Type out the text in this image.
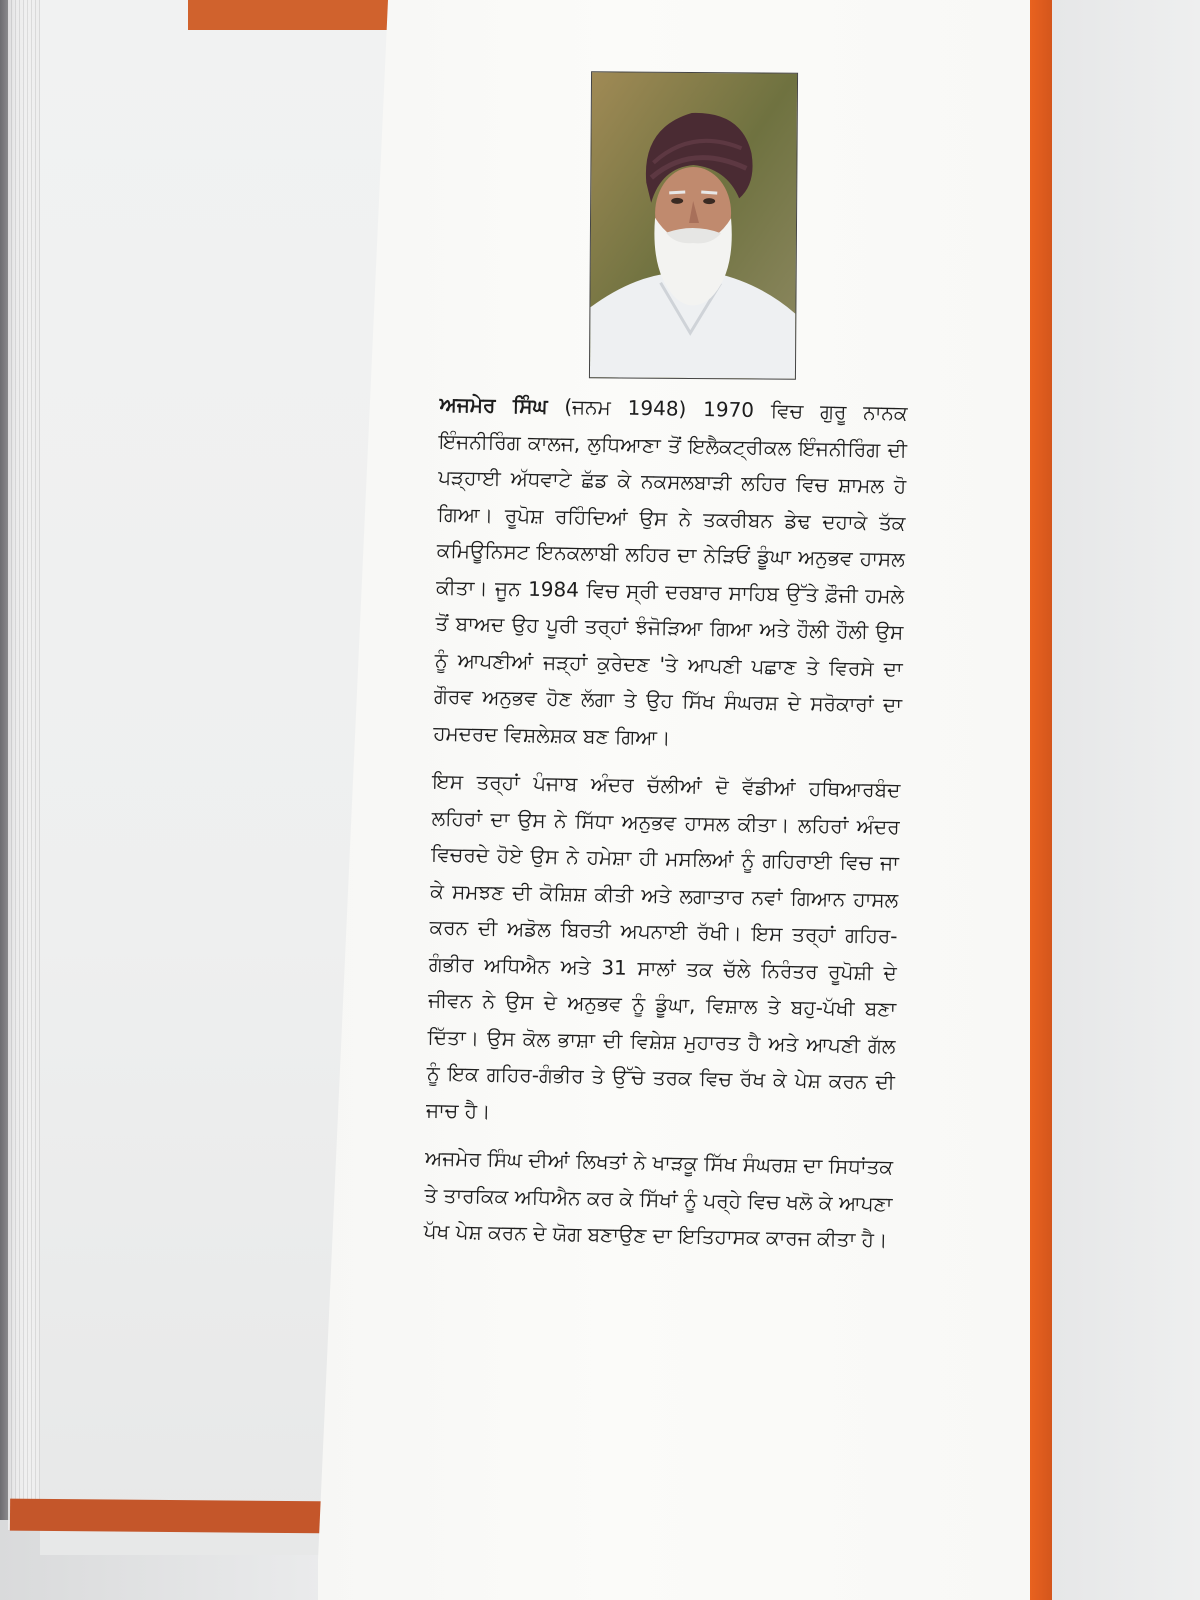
ਅਜਮੇਰ ਸਿੰਘ (ਜਨਮ 1948) 1970 ਵਿਚ ਗੁਰੂ ਨਾਨਕ ਇੰਜਨੀਰਿੰਗ ਕਾਲਜ, ਲੁਧਿਆਣਾ ਤੋਂ ਇਲੈਕਟ੍ਰੀਕਲ ਇੰਜਨੀਰਿੰਗ ਦੀ ਪੜ੍ਹਾਈ ਅੱਧਵਾਟੇ ਛੱਡ ਕੇ ਨਕਸਲਬਾੜੀ ਲਹਿਰ ਵਿਚ ਸ਼ਾਮਲ ਹੋ ਗਿਆ। ਰੂਪੋਸ਼ ਰਹਿੰਦਿਆਂ ਉਸ ਨੇ ਤਕਰੀਬਨ ਡੇਢ ਦਹਾਕੇ ਤੱਕ ਕਮਿਊਨਿਸਟ ਇਨਕਲਾਬੀ ਲਹਿਰ ਦਾ ਨੇੜਿਓਂ ਡੂੰਘਾ ਅਨੁਭਵ ਹਾਸਲ ਕੀਤਾ। ਜੂਨ 1984 ਵਿਚ ਸ੍ਰੀ ਦਰਬਾਰ ਸਾਹਿਬ ਉੱਤੇ ਫ਼ੌਜੀ ਹਮਲੇ ਤੋਂ ਬਾਅਦ ਉਹ ਪੂਰੀ ਤਰ੍ਹਾਂ ਝੰਜੋੜਿਆ ਗਿਆ ਅਤੇ ਹੌਲੀ ਹੌਲੀ ਉਸ ਨੂੰ ਆਪਣੀਆਂ ਜੜ੍ਹਾਂ ਕੁਰੇਦਣ 'ਤੇ ਆਪਣੀ ਪਛਾਣ ਤੇ ਵਿਰਸੇ ਦਾ ਗੌਰਵ ਅਨੁਭਵ ਹੋਣ ਲੱਗਾ ਤੇ ਉਹ ਸਿੱਖ ਸੰਘਰਸ਼ ਦੇ ਸਰੋਕਾਰਾਂ ਦਾ ਹਮਦਰਦ ਵਿਸ਼ਲੇਸ਼ਕ ਬਣ ਗਿਆ।

ਇਸ ਤਰ੍ਹਾਂ ਪੰਜਾਬ ਅੰਦਰ ਚੱਲੀਆਂ ਦੋ ਵੱਡੀਆਂ ਹਥਿਆਰਬੰਦ ਲਹਿਰਾਂ ਦਾ ਉਸ ਨੇ ਸਿੱਧਾ ਅਨੁਭਵ ਹਾਸਲ ਕੀਤਾ। ਲਹਿਰਾਂ ਅੰਦਰ ਵਿਚਰਦੇ ਹੋਏ ਉਸ ਨੇ ਹਮੇਸ਼ਾ ਹੀ ਮਸਲਿਆਂ ਨੂੰ ਗਹਿਰਾਈ ਵਿਚ ਜਾ ਕੇ ਸਮਝਣ ਦੀ ਕੋਸ਼ਿਸ਼ ਕੀਤੀ ਅਤੇ ਲਗਾਤਾਰ ਨਵਾਂ ਗਿਆਨ ਹਾਸਲ ਕਰਨ ਦੀ ਅਡੋਲ ਬਿਰਤੀ ਅਪਨਾਈ ਰੱਖੀ। ਇਸ ਤਰ੍ਹਾਂ ਗਹਿਰ-ਗੰਭੀਰ ਅਧਿਐਨ ਅਤੇ 31 ਸਾਲਾਂ ਤਕ ਚੱਲੇ ਨਿਰੰਤਰ ਰੂਪੋਸ਼ੀ ਦੇ ਜੀਵਨ ਨੇ ਉਸ ਦੇ ਅਨੁਭਵ ਨੂੰ ਡੂੰਘਾ, ਵਿਸ਼ਾਲ ਤੇ ਬਹੁ-ਪੱਖੀ ਬਣਾ ਦਿੱਤਾ। ਉਸ ਕੋਲ ਭਾਸ਼ਾ ਦੀ ਵਿਸ਼ੇਸ਼ ਮੁਹਾਰਤ ਹੈ ਅਤੇ ਆਪਣੀ ਗੱਲ ਨੂੰ ਇਕ ਗਹਿਰ-ਗੰਭੀਰ ਤੇ ਉੱਚੇ ਤਰਕ ਵਿਚ ਰੱਖ ਕੇ ਪੇਸ਼ ਕਰਨ ਦੀ ਜਾਚ ਹੈ।

ਅਜਮੇਰ ਸਿੰਘ ਦੀਆਂ ਲਿਖਤਾਂ ਨੇ ਖਾੜਕੂ ਸਿੱਖ ਸੰਘਰਸ਼ ਦਾ ਸਿਧਾਂਤਕ ਤੇ ਤਾਰਕਿਕ ਅਧਿਐਨ ਕਰ ਕੇ ਸਿੱਖਾਂ ਨੂੰ ਪਰ੍ਹੇ ਵਿਚ ਖਲੋ ਕੇ ਆਪਣਾ ਪੱਖ ਪੇਸ਼ ਕਰਨ ਦੇ ਯੋਗ ਬਣਾਉਣ ਦਾ ਇਤਿਹਾਸਕ ਕਾਰਜ ਕੀਤਾ ਹੈ।
